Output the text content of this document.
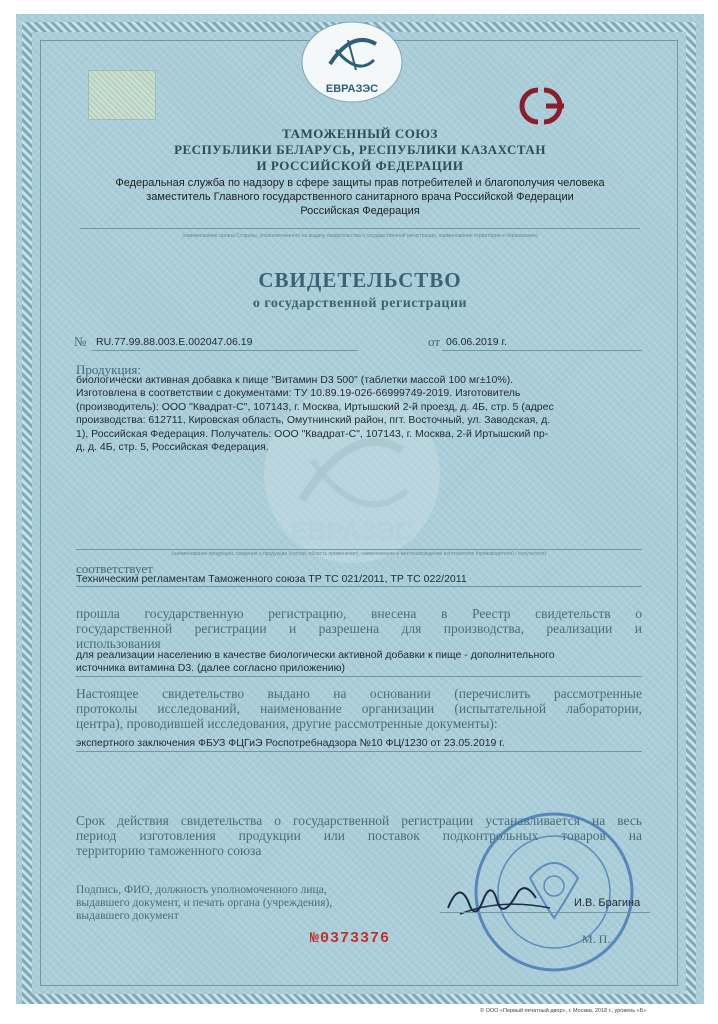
ЕВРАЗЭС
ЕВРАЗЭС
ТАМОЖЕННЫЙ СОЮЗ
РЕСПУБЛИКИ БЕЛАРУСЬ, РЕСПУБЛИКИ КАЗАХСТАН
И РОССИЙСКОЙ ФЕДЕРАЦИИ
Федеральная служба по надзору в сфере защиты прав потребителей и благополучия человека
заместитель Главного государственного санитарного врача Российской Федерации
Российская Федерация
(наименование органа Стороны, уполномоченного на выдачу свидетельства о государственной регистрации, наименование территории и образование)
СВИДЕТЕЛЬСТВО
о государственной регистрации
№ RU.77.99.88.003.Е.002047.06.19	от 06.06.2019 г.
Продукция:
биологически активная добавка к пище "Витамин D3 500" (таблетки массой 100 мг±10%).
Изготовлена в соответствии с документами: ТУ 10.89.19-026-66999749-2019. Изготовитель
(производитель): ООО "Квадрат-С", 107143, г. Москва, Иртышский 2-й проезд, д. 4Б, стр. 5 (адрес
производства: 612711, Кировская область, Омутнинский район, пгт. Восточный, ул. Заводская, д.
1), Российская Федерация. Получатель: ООО "Квадрат-С", 107143, г. Москва, 2-й Иртышский пр-
д, д. 4Б, стр. 5, Российская Федерация.
(наименование продукции, сведения о продукции (состав, область применения), наименование и местонахождение изготовителя (производителя) / получателя)
соответствует
Техническим регламентам Таможенного союза ТР ТС 021/2011, ТР ТС 022/2011
прошла государственную регистрацию, внесена в Реестр свидетельств о
государственной регистрации и разрешена для производства, реализации и
использования
для реализации населению в качестве биологически активной добавки к пище - дополнительного
источника витамина D3. (далее согласно приложению)
Настоящее свидетельство выдано на основании (перечислить рассмотренные
протоколы исследований, наименование организации (испытательной лаборатории,
центра), проводившей исследования, другие рассмотренные документы):
экспертного заключения ФБУЗ ФЦГиЭ Роспотребнадзора №10 ФЦ/1230 от 23.05.2019 г.
Срок действия свидетельства о государственной регистрации устанавливается на весь
период изготовления продукции или поставок подконтрольных товаров на
территорию таможенного союза
Подпись, ФИО, должность уполномоченного лица,
выдавшего документ, и печать органа (учреждения),
выдавшего документ
И.В. Брагина
№0373376	М. П.
© ООО «Первый печатный двор», г. Москва, 2018 г., уровень «Б»
